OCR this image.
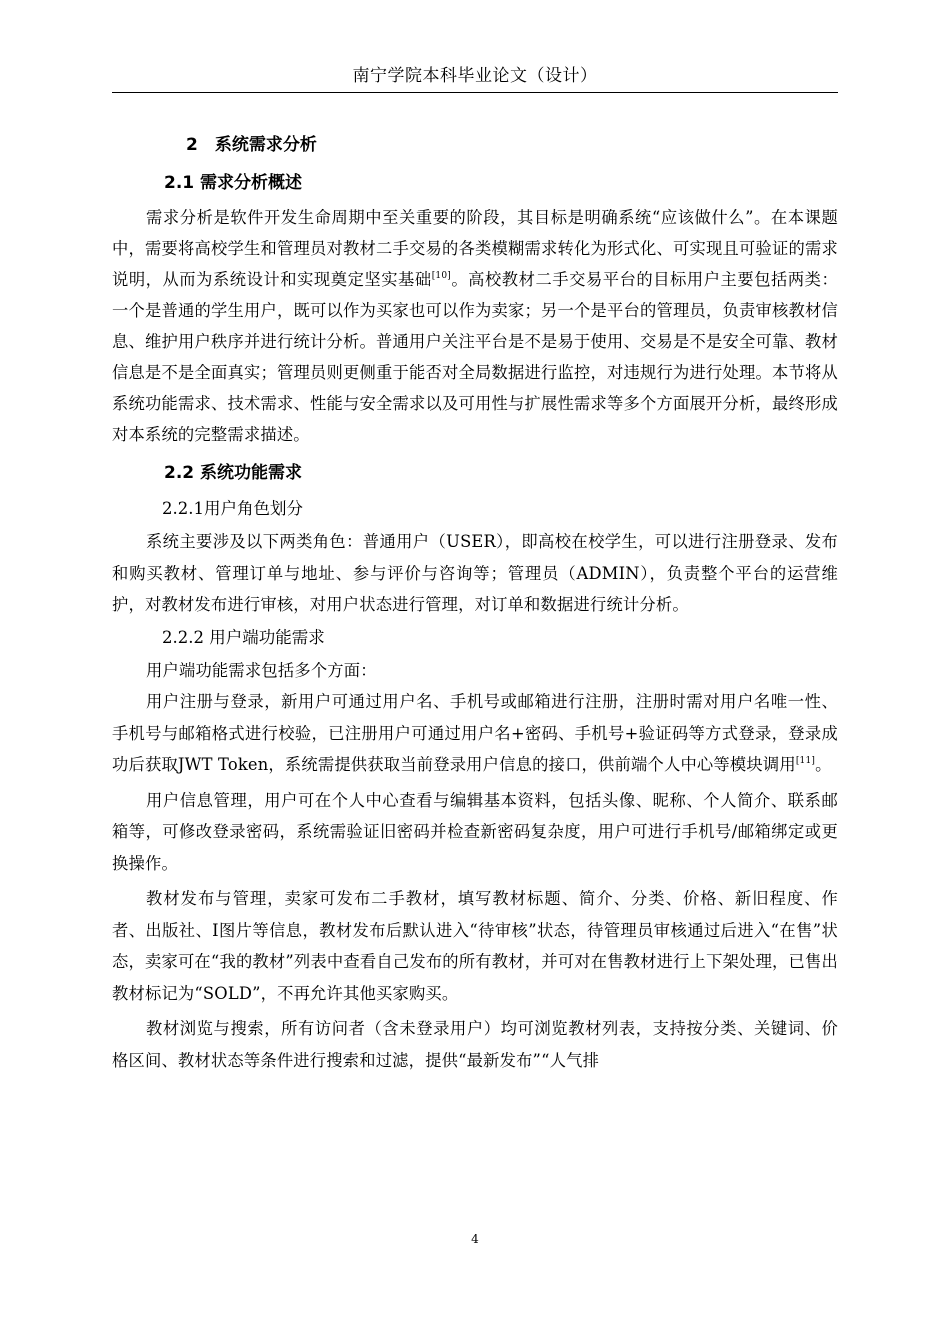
南宁学院本科毕业论文（设计）
2　系统需求分析
2.1 需求分析概述

需求分析是软件开发生命周期中至关重要的阶段，其目标是明确系统“应该做什么”。在本课题中，需要将高校学生和管理员对教材二手交易的各类模糊需求转化为形式化、可实现且可验证的需求说明，从而为系统设计和实现奠定坚实基础[10]。高校教材二手交易平台的目标用户主要包括两类：一个是普通的学生用户，既可以作为买家也可以作为卖家；另一个是平台的管理员，负责审核教材信息、维护用户秩序并进行统计分析。普通用户关注平台是不是易于使用、交易是不是安全可靠、教材信息是不是全面真实；管理员则更侧重于能否对全局数据进行监控，对违规行为进行处理。本节将从系统功能需求、技术需求、性能与安全需求以及可用性与扩展性需求等多个方面展开分析，最终形成对本系统的完整需求描述。

2.2 系统功能需求
2.2.1用户角色划分

系统主要涉及以下两类角色：普通用户（USER），即高校在校学生，可以进行注册登录、发布和购买教材、管理订单与地址、参与评价与咨询等；管理员（ADMIN），负责整个平台的运营维护，对教材发布进行审核，对用户状态进行管理，对订单和数据进行统计分析。

2.2.2 用户端功能需求

用户端功能需求包括多个方面：

用户注册与登录，新用户可通过用户名、手机号或邮箱进行注册，注册时需对用户名唯一性、手机号与邮箱格式进行校验，已注册用户可通过用户名+密码、手机号+验证码等方式登录，登录成功后获取JWT Token，系统需提供获取当前登录用户信息的接口，供前端个人中心等模块调用[11]。

用户信息管理，用户可在个人中心查看与编辑基本资料，包括头像、昵称、个人简介、联系邮箱等，可修改登录密码，系统需验证旧密码并检查新密码复杂度，用户可进行手机号/邮箱绑定或更换操作。

教材发布与管理，卖家可发布二手教材，填写教材标题、简介、分类、价格、新旧程度、作者、出版社、I图片等信息，教材发布后默认进入“待审核”状态，待管理员审核通过后进入“在售”状态，卖家可在“我的教材”列表中查看自己发布的所有教材，并可对在售教材进行上下架处理，已售出教材标记为“SOLD”，不再允许其他买家购买。

教材浏览与搜索，所有访问者（含未登录用户）均可浏览教材列表，支持按分类、关键词、价格区间、教材状态等条件进行搜索和过滤，提供“最新发布”“人气排

4
